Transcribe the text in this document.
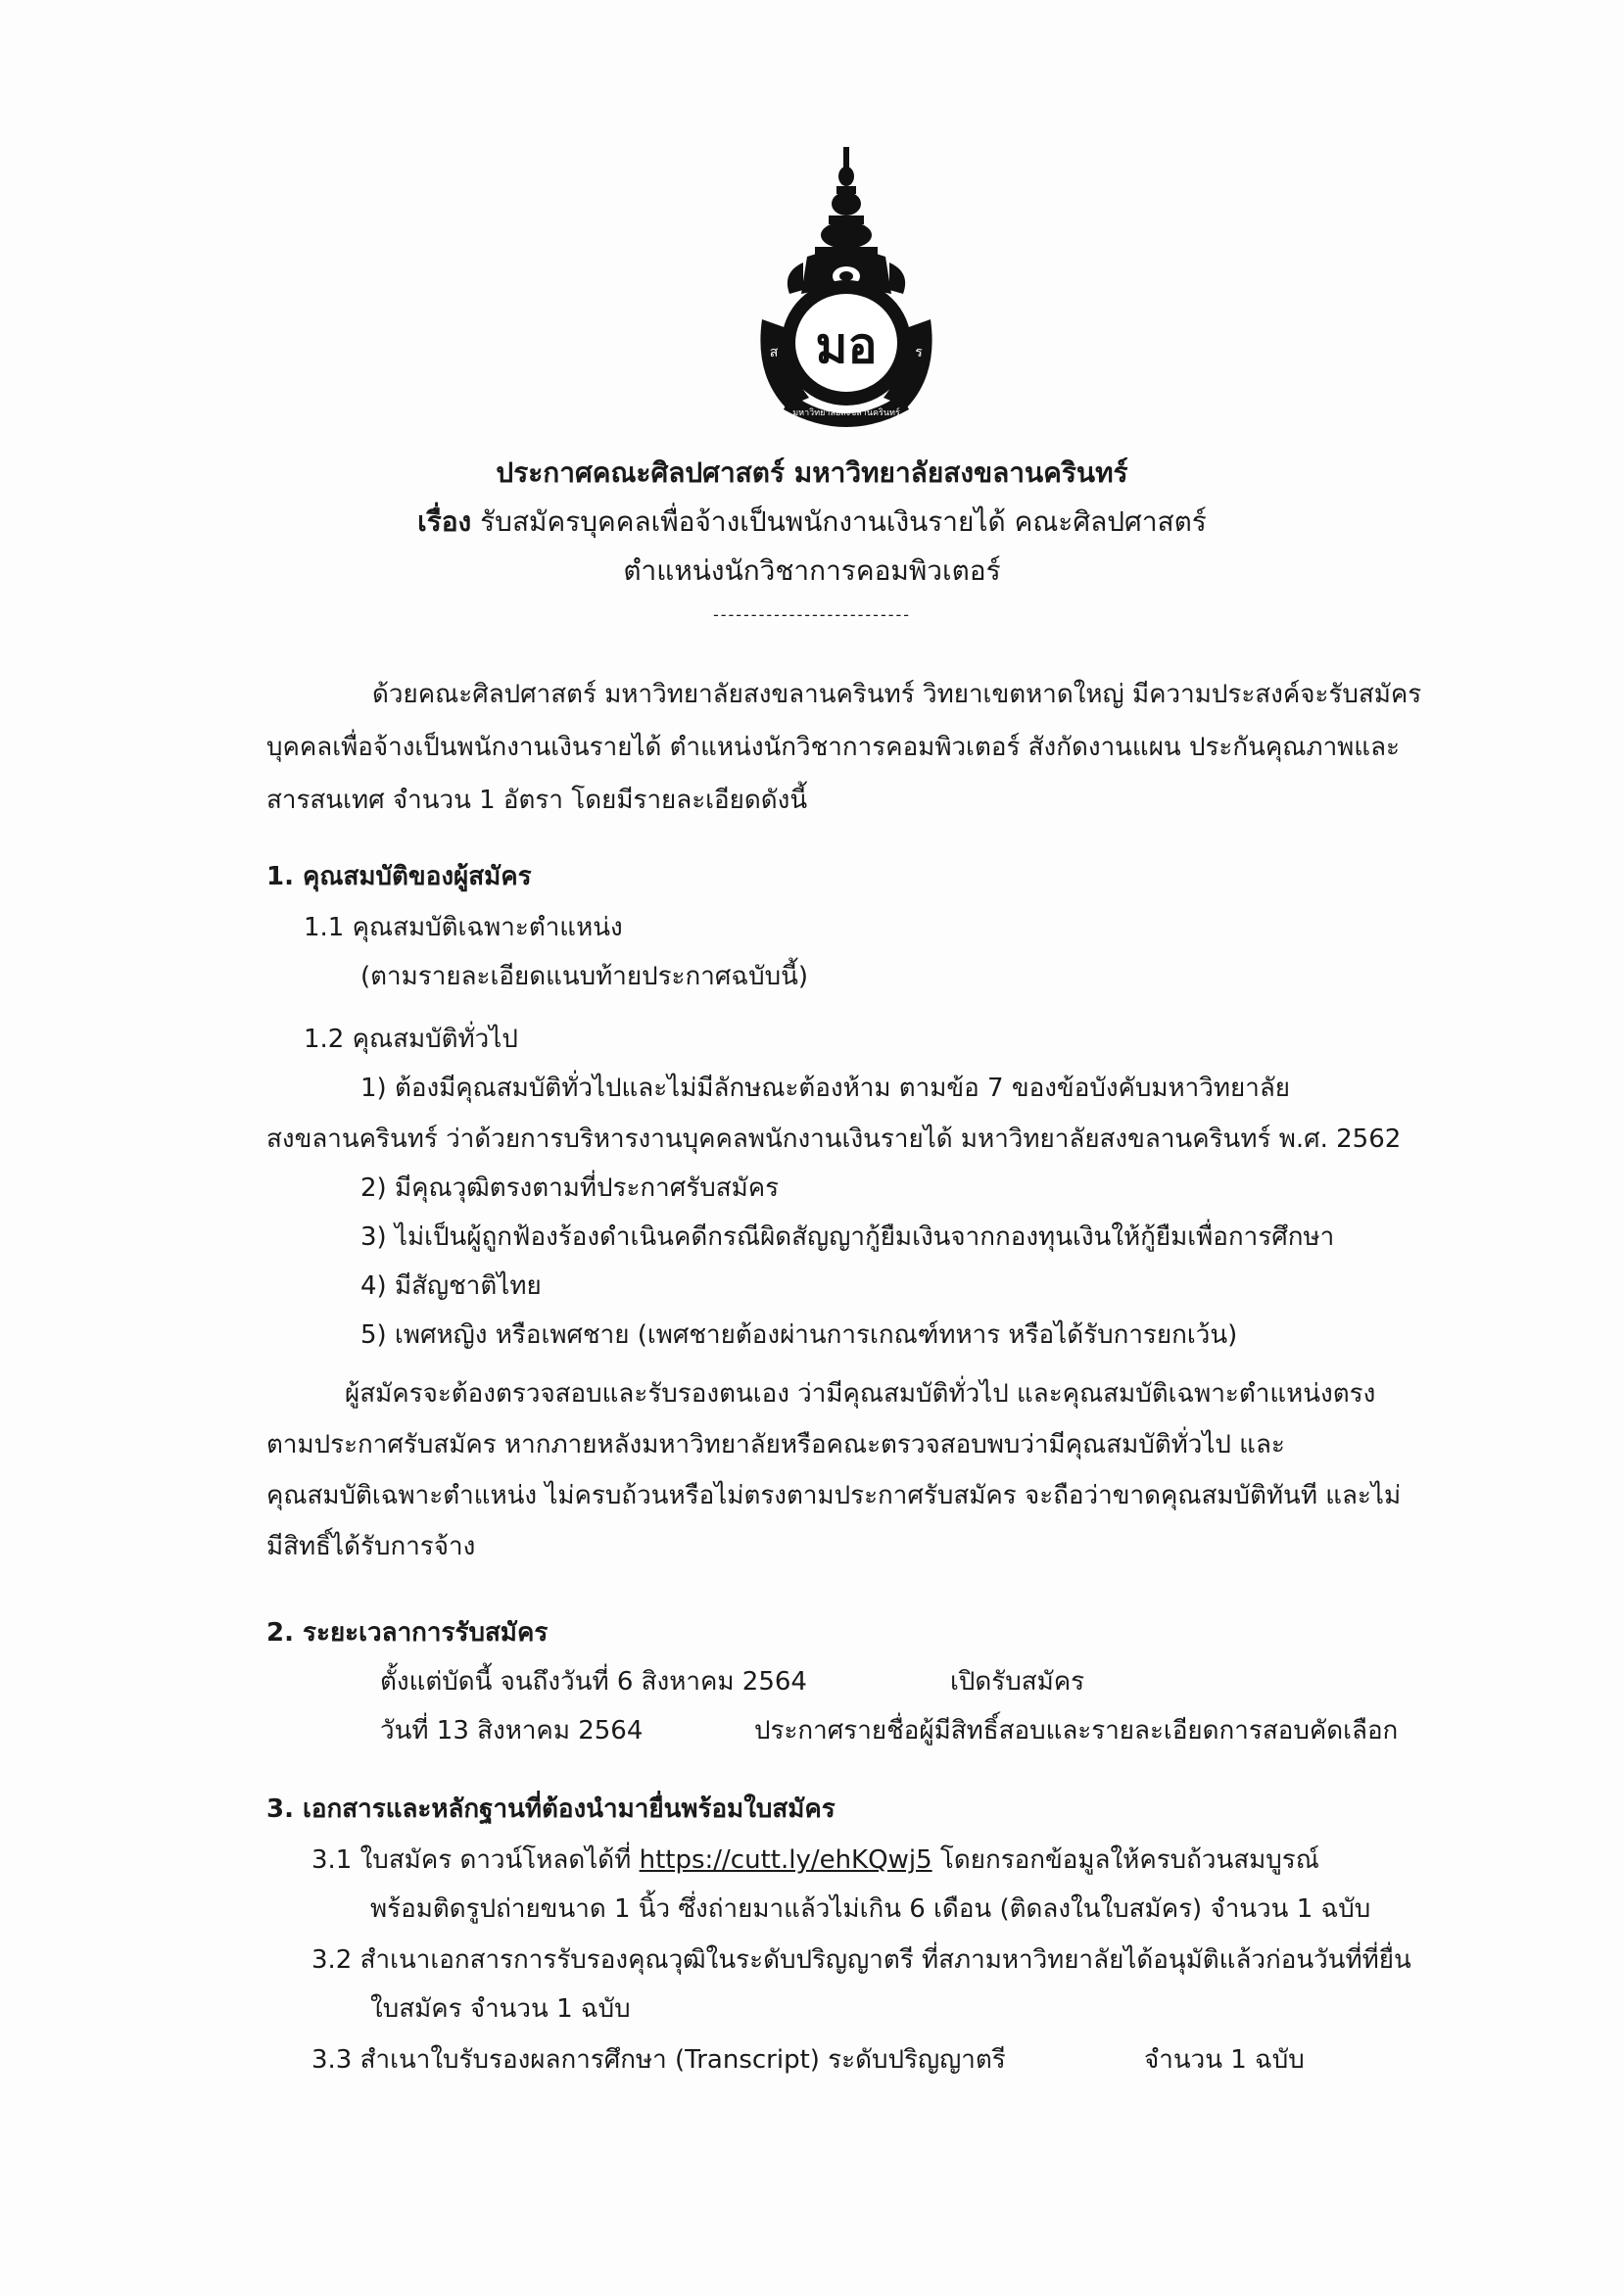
มอ
ส	ร
มหาวิทยาลัยสงขลานครินทร์
ประกาศคณะศิลปศาสตร์ มหาวิทยาลัยสงขลานครินทร์
เรื่อง รับสมัครบุคคลเพื่อจ้างเป็นพนักงานเงินรายได้ คณะศิลปศาสตร์
ตำแหน่งนักวิชาการคอมพิวเตอร์
--------------------------
ด้วยคณะศิลปศาสตร์ มหาวิทยาลัยสงขลานครินทร์ วิทยาเขตหาดใหญ่ มีความประสงค์จะรับสมัคร
บุคคลเพื่อจ้างเป็นพนักงานเงินรายได้ ตำแหน่งนักวิชาการคอมพิวเตอร์ สังกัดงานแผน ประกันคุณภาพและ
สารสนเทศ จำนวน 1 อัตรา โดยมีรายละเอียดดังนี้
1. คุณสมบัติของผู้สมัคร
1.1 คุณสมบัติเฉพาะตำแหน่ง
(ตามรายละเอียดแนบท้ายประกาศฉบับนี้)
1.2 คุณสมบัติทั่วไป
1) ต้องมีคุณสมบัติทั่วไปและไม่มีลักษณะต้องห้าม ตามข้อ 7 ของข้อบังคับมหาวิทยาลัย
สงขลานครินทร์ ว่าด้วยการบริหารงานบุคคลพนักงานเงินรายได้ มหาวิทยาลัยสงขลานครินทร์ พ.ศ. 2562
2) มีคุณวุฒิตรงตามที่ประกาศรับสมัคร
3) ไม่เป็นผู้ถูกฟ้องร้องดำเนินคดีกรณีผิดสัญญากู้ยืมเงินจากกองทุนเงินให้กู้ยืมเพื่อการศึกษา
4) มีสัญชาติไทย
5) เพศหญิง หรือเพศชาย (เพศชายต้องผ่านการเกณฑ์ทหาร หรือได้รับการยกเว้น)
ผู้สมัครจะต้องตรวจสอบและรับรองตนเอง ว่ามีคุณสมบัติทั่วไป และคุณสมบัติเฉพาะตำแหน่งตรง
ตามประกาศรับสมัคร หากภายหลังมหาวิทยาลัยหรือคณะตรวจสอบพบว่ามีคุณสมบัติทั่วไป และ
คุณสมบัติเฉพาะตำแหน่ง ไม่ครบถ้วนหรือไม่ตรงตามประกาศรับสมัคร จะถือว่าขาดคุณสมบัติทันที และไม่
มีสิทธิ์ได้รับการจ้าง
2. ระยะเวลาการรับสมัคร
ตั้งแต่บัดนี้ จนถึงวันที่ 6 สิงหาคม 2564	เปิดรับสมัคร
วันที่ 13 สิงหาคม 2564	ประกาศรายชื่อผู้มีสิทธิ์สอบและรายละเอียดการสอบคัดเลือก
3. เอกสารและหลักฐานที่ต้องนำมายื่นพร้อมใบสมัคร
3.1 ใบสมัคร ดาวน์โหลดได้ที่ https://cutt.ly/ehKQwj5 โดยกรอกข้อมูลให้ครบถ้วนสมบูรณ์
พร้อมติดรูปถ่ายขนาด 1 นิ้ว ซึ่งถ่ายมาแล้วไม่เกิน 6 เดือน (ติดลงในใบสมัคร) จำนวน 1 ฉบับ
3.2 สำเนาเอกสารการรับรองคุณวุฒิในระดับปริญญาตรี ที่สภามหาวิทยาลัยได้อนุมัติแล้วก่อนวันที่ที่ยื่น
ใบสมัคร จำนวน 1 ฉบับ
3.3 สำเนาใบรับรองผลการศึกษา (Transcript) ระดับปริญญาตรี	จำนวน 1 ฉบับ
